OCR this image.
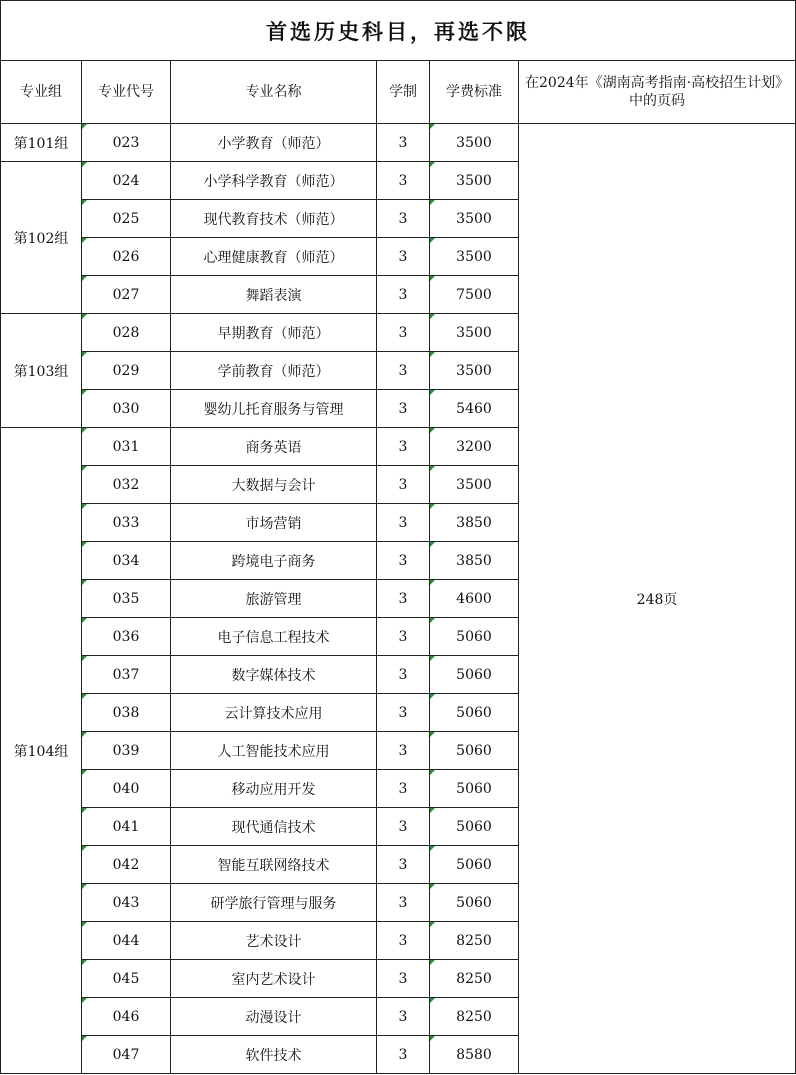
首选历史科目，再选不限					
专业组	专业代号	专业名称	学制	学费标准	在2024年《湖南高考指南·高校招生计划》中的页码
第101组	023	小学教育（师范）	3	3500	248页
第102组	024	小学科学教育（师范）	3	3500	
	025	现代教育技术（师范）	3	3500	
	026	心理健康教育（师范）	3	3500	
	027	舞蹈表演	3	7500	
第103组	028	早期教育（师范）	3	3500	
	029	学前教育（师范）	3	3500	
	030	婴幼儿托育服务与管理	3	5460	
第104组	031	商务英语	3	3200	
	032	大数据与会计	3	3500	
	033	市场营销	3	3850	
	034	跨境电子商务	3	3850	
	035	旅游管理	3	4600	
	036	电子信息工程技术	3	5060	
	037	数字媒体技术	3	5060	
	038	云计算技术应用	3	5060	
	039	人工智能技术应用	3	5060	
	040	移动应用开发	3	5060	
	041	现代通信技术	3	5060	
	042	智能互联网络技术	3	5060	
	043	研学旅行管理与服务	3	5060	
	044	艺术设计	3	8250	
	045	室内艺术设计	3	8250	
	046	动漫设计	3	8250	
	047	软件技术	3	8580	
